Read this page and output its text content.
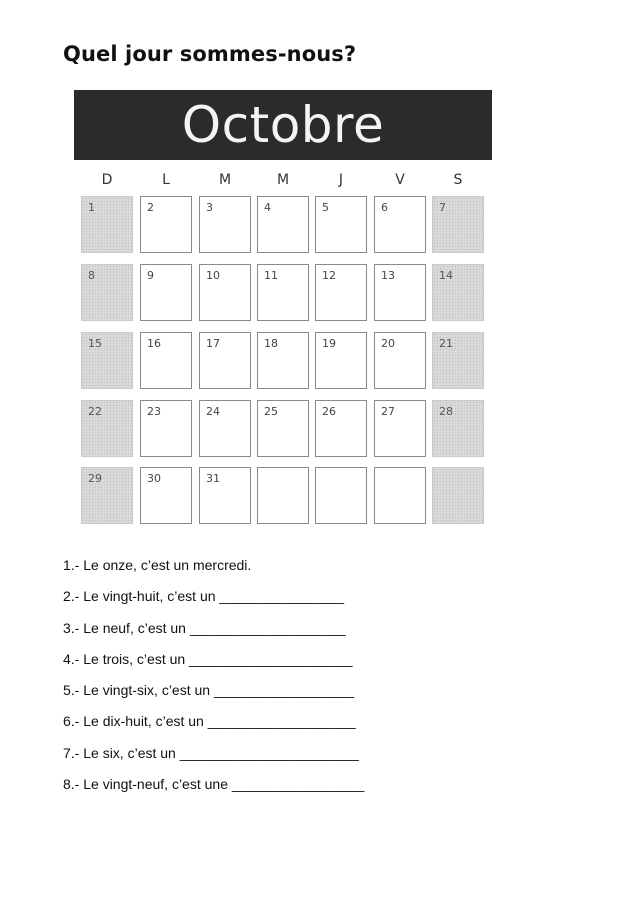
Quel jour sommes-nous?
Octobre
D	L	M	M	J	V	S
1	2	3	4	5	6	7
8	9	10	11	12	13	14
15	16	17	18	19	20	21
22	23	24	25	26	27	28
29	30	31
1.- Le onze, c’est un mercredi.
2.- Le vingt-huit, c’est un ________________
3.- Le neuf, c’est un ____________________
4.- Le trois, c’est un _____________________
5.- Le vingt-six, c’est un __________________
6.- Le dix-huit, c’est un ___________________
7.- Le six, c’est un _______________________
8.- Le vingt-neuf, c’est une _________________
